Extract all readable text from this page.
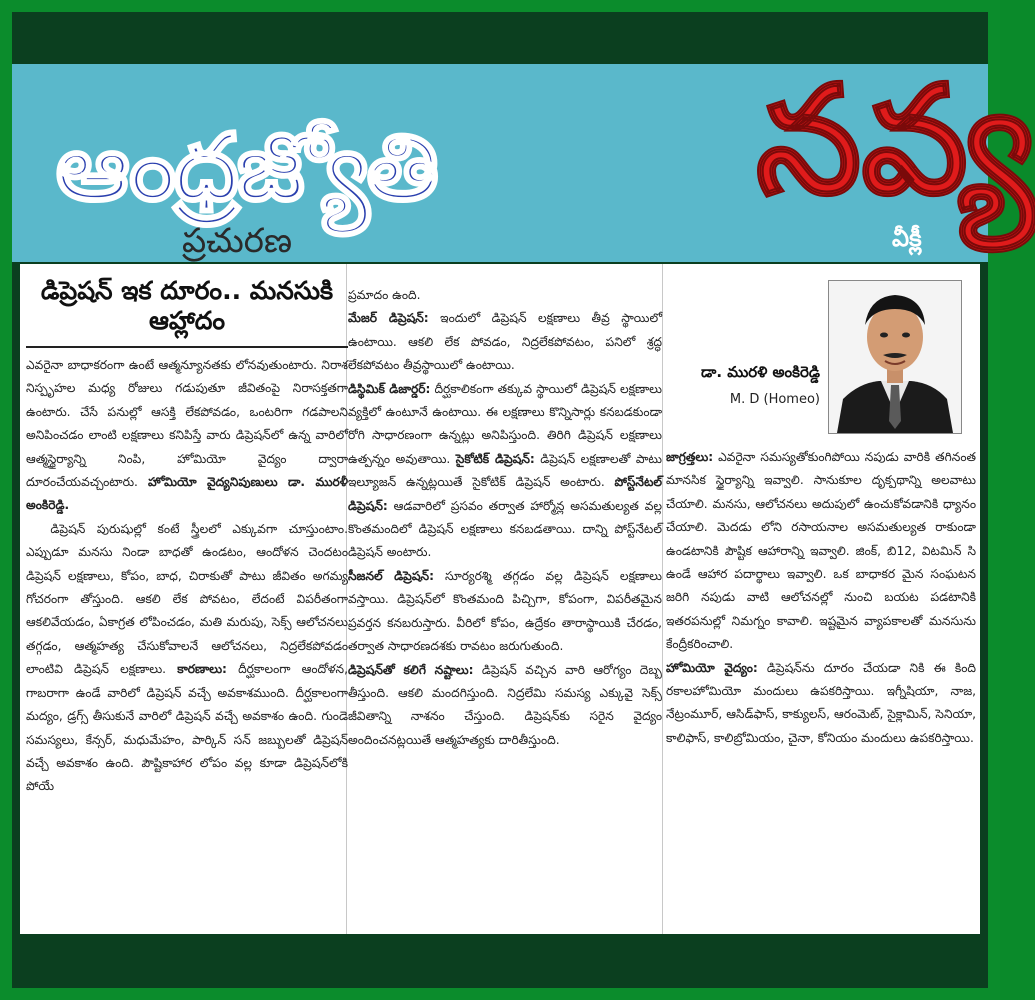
ఆంధ్రజ్యోతి
ప్రచురణ
నవ్య
వీక్లీ
డిప్రెషన్‌ ఇక దూరం.. మనసుకి ఆహ్లాదం

ఎవరైనా బాధాకరంగా ఉంటే ఆత్మన్యూనతకు లోనవుతుంటారు. నిరాశ నిస్పృహల మధ్య రోజులు గడుపుతూ జీవితంపై నిరాసక్తతగా ఉంటారు. చేసే పనుల్లో ఆసక్తి లేకపోవడం, ఒంటరిగా గడపాలని అనిపించడం లాంటి లక్షణాలు కనిపిస్తే వారు డిప్రెషన్‌లో ఉన్న వారిలో ఆత్మస్థైర్యాన్ని నింపి, హోమియో వైద్యం ద్వారా దూరంచేయవచ్చంటారు. హోమియో వైద్యనిపుణులు డా. మురళీ అంకిరెడ్డి.

డిప్రెషన్‌ పురుషుల్లో కంటే స్త్రీలలో ఎక్కువగా చూస్తుంటాం. ఎప్పుడూ మనసు నిండా బాధతో ఉండటం, ఆందోళన చెందటం డిప్రెషన్‌ లక్షణాలు, కోపం, బాధ, చిరాకుతో పాటు జీవితం అగమ్య గోచరంగా తోస్తుంది. ఆకలి లేక పోవటం, లేదంటే విపరీతంగా ఆకలివేయడం, ఏకాగ్రత లోపించడం, మతి మరుపు, సెక్స్‌ ఆలోచనలు తగ్గడం, ఆత్మహత్య చేసుకోవాలనే ఆలోచనలు, నిద్రలేకపోవడం లాంటివి డిప్రెషన్‌ లక్షణాలు. కారణాలు: దీర్ఘకాలంగా ఆందోళన, గాబరాగా ఉండే వారిలో డిప్రెషన్‌ వచ్చే అవకాశముంది. దీర్ఘకాలంగా మద్యం, డ్రగ్స్‌ తీసుకునే వారిలో డిప్రెషన్‌ వచ్చే అవకాశం ఉంది. గుండె సమస్యలు, కేన్సర్‌, మధుమేహం, పార్కిన్‌ సన్‌ జబ్బులతో డిప్రెషన్‌ వచ్చే అవకాశం ఉంది. పౌష్టికాహార లోపం వల్ల కూడా డిప్రెషన్‌లోకి పోయే

ప్రమాదం ఉంది.

మేజర్‌ డిప్రెషన్‌: ఇందులో డిప్రెషన్‌ లక్షణాలు తీవ్ర స్థాయిలో ఉంటాయి. ఆకలి లేక పోవడం, నిద్రలేకపోవటం, పనిలో శ్రద్ధ లేకపోవటం తీవ్రస్థాయిలో ఉంటాయి.

డిస్థిమిక్‌ డిజార్డర్‌: దీర్ఘకాలికంగా తక్కువ స్థాయిలో డిప్రెషన్‌ లక్షణాలు వ్యక్తిలో ఉంటూనే ఉంటాయి. ఈ లక్షణాలు కొన్నిసార్లు కనబడకుండా రోగి సాధారణంగా ఉన్నట్లు అనిపిస్తుంది. తిరిగి డిప్రెషన్‌ లక్షణాలు ఉత్పన్నం అవుతాయి. సైకోటిక్‌ డిప్రెషన్‌: డిప్రెషన్‌ లక్షణాలతో పాటు ఇల్యూజన్‌ ఉన్నట్లయితే సైకోటిక్‌ డిప్రెషన్‌ అంటారు. పోస్ట్‌నేటల్‌ డిప్రెషన్‌: ఆడవారిలో ప్రసవం తర్వాత హార్మోన్ల అసమతుల్యత వల్ల కొంతమందిలో డిప్రెషన్‌ లక్షణాలు కనబడతాయి. దాన్ని పోస్ట్‌నేటల్‌ డిప్రెషన్‌ అంటారు.

సీజనల్‌ డిప్రెషన్‌: సూర్యరశ్మి తగ్గడం వల్ల డిప్రెషన్‌ లక్షణాలు వస్తాయి. డిప్రెషన్‌లో కొంతమంది పిచ్చిగా, కోపంగా, విపరీతమైన ప్రవర్తన కనబరుస్తారు. వీరిలో కోపం, ఉద్రేకం తారాస్థాయికి చేరడం, తర్వాత సాధారణదశకు రావటం జరుగుతుంది.

డిప్రెషన్‌తో కలిగే నష్టాలు: డిప్రెషన్‌ వచ్చిన వారి ఆరోగ్యం దెబ్బ తీస్తుంది. ఆకలి మందగిస్తుంది. నిద్రలేమి సమస్య ఎక్కువై సెక్స్‌ జీవితాన్ని నాశనం చేస్తుంది. డిప్రెషన్‌కు సరైన వైద్యం అందించనట్లయితే ఆత్మహత్యకు దారితీస్తుంది.

డా. మురళి అంకిరెడ్డి
M. D (Homeo)

జాగ్రత్తలు: ఎవరైనా సమస్యతోకుంగిపోయి నపుడు వారికి తగినంత మానసిక స్థైర్యాన్ని ఇవ్వాలి. సానుకూల దృక్పథాన్ని అలవాటు చేయాలి. మనసు, ఆలోచనలు అదుపులో ఉంచుకోవడానికి ధ్యానం చేయాలి. మెదడు లోని రసాయనాల అసమతుల్యత రాకుండా ఉండటానికి పౌష్టిక ఆహారాన్ని ఇవ్వాలి. జింక్‌, బి12, విటమిన్‌ సి ఉండే ఆహార పదార్థాలు ఇవ్వాలి. ఒక బాధాకర మైన సంఘటన జరిగి నపుడు వాటి ఆలోచనల్లో నుంచి బయట పడటానికి ఇతరపనుల్లో నిమగ్నం కావాలి. ఇష్టమైన వ్యాపకాలతో మనసును కేంద్రీకరించాలి.

హోమియో వైద్యం: డిప్రెషన్‌ను దూరం చేయడా నికి ఈ కింది రకాలహోమియో మందులు ఉపకరిస్తాయి. ఇగ్నీషియా, నాజ, నేట్రంమూర్‌, ఆసిడ్‌ఫాస్‌, కాక్యులస్‌, ఆరంమెట్‌, సైక్లామిన్‌, సెనియా, కాలిఫాస్‌, కాలిబ్రోమియం, చైనా, కోనియం మందులు ఉపకరిస్తాయి.
